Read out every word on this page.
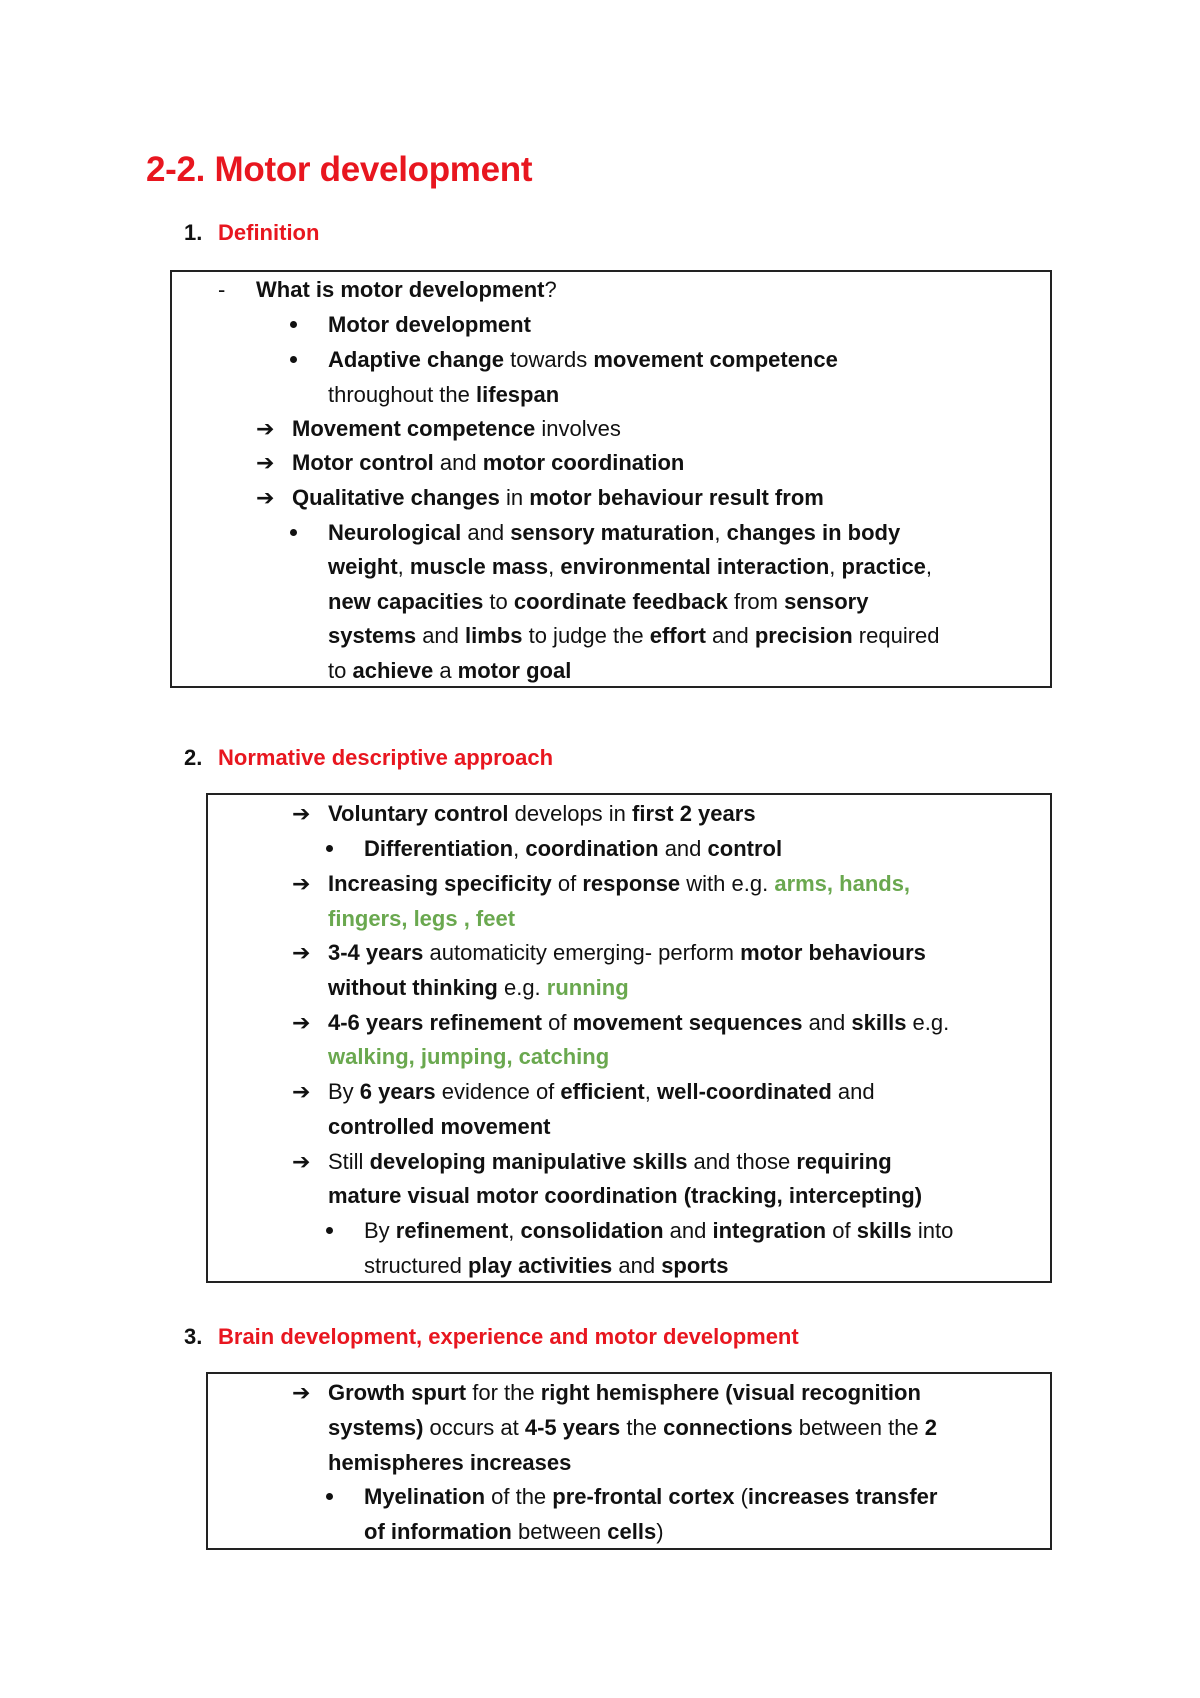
2-2. Motor development
1. Definition
- What is motor development?
Motor development
Adaptive change towards movement competence
throughout the lifespan
➔ Movement competence involves
➔ Motor control and motor coordination
➔ Qualitative changes in motor behaviour result from
Neurological and sensory maturation, changes in body
weight, muscle mass, environmental interaction, practice,
new capacities to coordinate feedback from sensory
systems and limbs to judge the effort and precision required
to achieve a motor goal
2. Normative descriptive approach
➔ Voluntary control develops in first 2 years
Differentiation, coordination and control
➔ Increasing specificity of response with e.g. arms, hands,
fingers, legs , feet
➔ 3-4 years automaticity emerging- perform motor behaviours
without thinking e.g. running
➔ 4-6 years refinement of movement sequences and skills e.g.
walking, jumping, catching
➔ By 6 years evidence of efficient, well-coordinated and
controlled movement
➔ Still developing manipulative skills and those requiring
mature visual motor coordination (tracking, intercepting)
By refinement, consolidation and integration of skills into
structured play activities and sports
3. Brain development, experience and motor development
➔ Growth spurt for the right hemisphere (visual recognition
systems) occurs at 4-5 years the connections between the 2
hemispheres increases
Myelination of the pre-frontal cortex (increases transfer
of information between cells)
